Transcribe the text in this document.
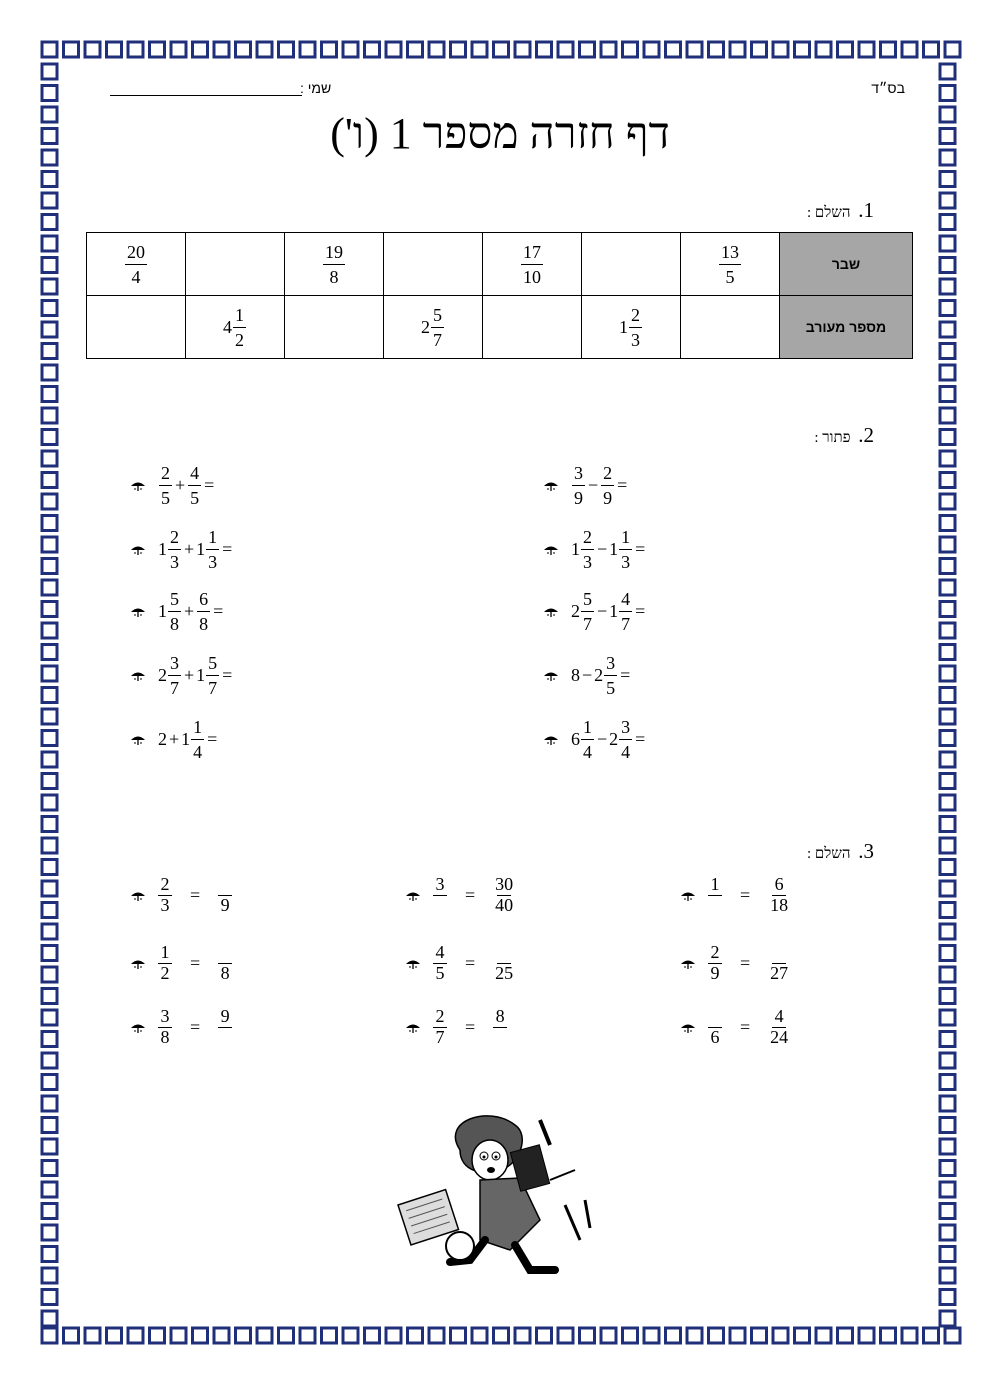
בס״ד
שמי :
דף חזרה מספר 1 (ו')
1. השלם :
שבר	$\frac{13}{5}$		$\frac{17}{10}$		$\frac{19}{8}$		$\frac{20}{4}$

מספר מעורב		$1 \frac{2}{3}$		$2 \frac{5}{7}$		$4 \frac{1}{2}$

2. פתור :
$\frac{2}{5} + \frac{4}{5}$ =
$1 \frac{2}{3} + 1 \frac{1}{3}$ =
$1 \frac{5}{8} + \frac{6}{8}$ =
$2 \frac{3}{7} + 1 \frac{5}{7}$ =
$2 + 1 \frac{1}{4}$ =
$\frac{3}{9} - \frac{2}{9}$ =
$1 \frac{2}{3} - 1 \frac{1}{3}$ =
$2 \frac{5}{7} - 1 \frac{4}{7}$ =
$8 - 2 \frac{3}{5}$ =
$6 \frac{1}{4} - 2 \frac{3}{4}$ =
3. השלם :
$\frac{2}{3} = 9$
$\frac{1}{2} = 8$
$\frac{3}{8}$ =
9
3
= $\frac{30}{40}$
$\frac{4}{5} = 25$
$\frac{2}{7}$ =
8
1
= $\frac{6}{18}$
$\frac{2}{9} = 27$
$6 = \frac{4}{24}$
